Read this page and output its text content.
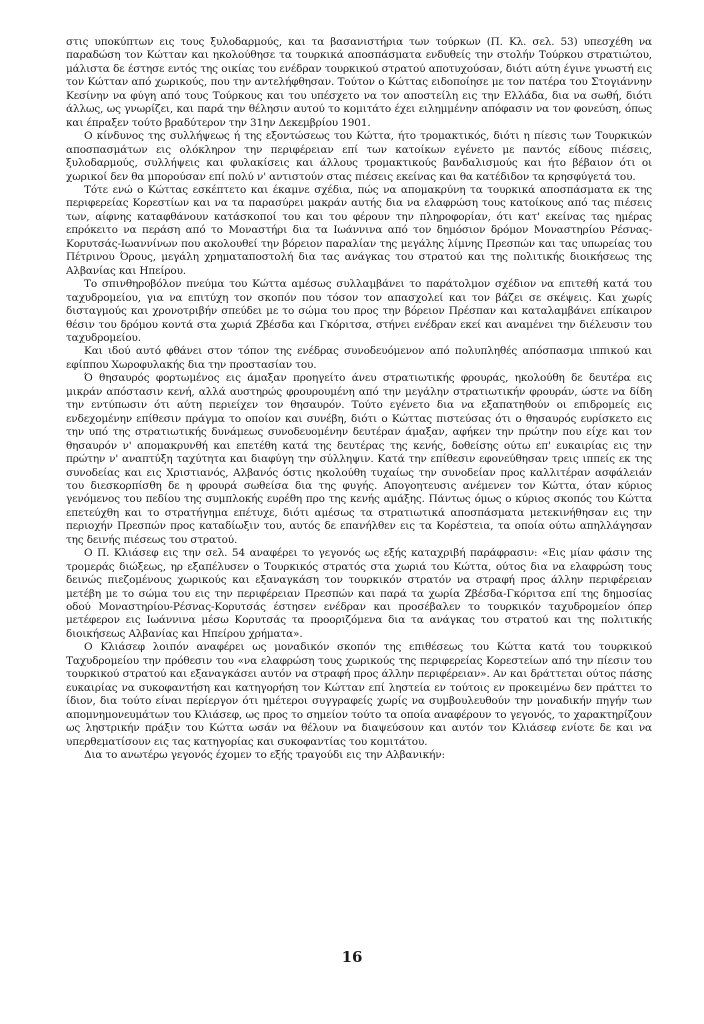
στις υποκύπτων εις τους ξυλοδαρμούς, και τα βασανιστήρια των τούρκων (Π. Κλ. σελ. 53) υπεσχέθη να παραδώση τον Κώτταν και ηκολούθησε τα τουρκικά αποσπάσματα ενδυθείς την στολήν Τούρκου στρατιώτου, μάλιστα δε έστησε εντός της οικίας του ενέδραν τουρκικού στρατού αποτυχούσαν, διότι αύτη έγινε γνωστή εις τον Κώτταν από χωρικούς, που την αντελήφθησαν. Τούτον ο Κώττας ειδοποίησε με τον πατέρα του Στογιάννην Κεσίνην να φύγη από τους Τούρκους και του υπέσχετο να τον αποστείλη εις την Ελλάδα, δια να σωθή, διότι άλλως, ως γνωρίζει, και παρά την θέλησιν αυτού το κομιτάτο έχει ειλημμένην απόφασιν να τον φονεύση, όπως και έπραξεν τούτο βραδύτερον την 31ην Δεκεμβρίου 1901.

Ο κίνδυνος της συλλήψεως ή της εξοντώσεως του Κώττα, ήτο τρομακτικός, διότι η πίεσις των Τουρκικών αποσπασμάτων εις ολόκληρον την περιφέρειαν επί των κατοίκων εγένετο με παντός είδους πιέσεις, ξυλοδαρμούς, συλλήψεις και φυλακίσεις και άλλους τρομακτικούς βανδαλισμούς και ήτο βέβαιον ότι οι χωρικοί δεν θα μπορούσαν επί πολύ ν' αντιστούν στας πιέσεις εκείνας και θα κατέδιδον τα κρησφύγετά του.

Τότε ενώ ο Κώττας εσκέπτετο και έκαμνε σχέδια, πώς να απομακρύνη τα τουρκικά αποσπάσματα εκ της περιφερείας Κορεστίων και να τα παρασύρει μακράν αυτής δια να ελαφρώση τους κατοίκους από τας πιέσεις των, αίφνης καταφθάνουν κατάσκοποί του και του φέρουν την πληροφορίαν, ότι κατ' εκείνας τας ημέρας επρόκειτο να περάση από το Μοναστήρι δια τα Ιωάννινα από τον δημόσιον δρόμον Μοναστηρίου Ρέσνας-Κορυτσάς-Ιωαννίνων που ακολουθεί την βόρειον παραλίαν της μεγάλης λίμνης Πρεσπών και τας υπωρείας του Πέτρινου Όρους, μεγάλη χρηματαποστολή δια τας ανάγκας του στρατού και της πολιτικής διοικήσεως της Αλβανίας και Ηπείρου.

Το σπινθηροβόλον πνεύμα του Κώττα αμέσως συλλαμβάνει το παράτολμον σχέδιον να επιτεθή κατά του ταχυδρομείου, για να επιτύχη τον σκοπόν που τόσον τον απασχολεί και τον βάζει σε σκέψεις. Και χωρίς δισταγμούς και χρονοτριβήν σπεύδει με το σώμα του προς την βόρειον Πρέσπαν και καταλαμβάνει επίκαιρον θέσιν του δρόμου κοντά στα χωριά Ζβέσδα και Γκόριτσα, στήνει ενέδραν εκεί και αναμένει την διέλευσιν του ταχυδρομείου.

Και ιδού αυτό φθάνει στον τόπον της ενέδρας συνοδευόμενον από πολυπληθές απόσπασμα ιππικού και εφίππου Χωροφυλακής δια την προστασίαν του.

Ό θησαυρός φορτωμένος εις άμαξαν προηγείτο άνευ στρατιωτικής φρουράς, ηκολούθη δε δευτέρα εις μικράν απόστασιν κενή, αλλά αυστηρώς φρουρουμένη από την μεγάλην στρατιωτικήν φρουράν, ώστε να δίδη την εντύπωσιν ότι αύτη περιείχεν τον θησαυρόν. Τούτο εγένετο δια να εξαπατηθούν οι επιδρομείς εις ενδεχομένην επίθεσιν πράγμα το οποίον και συνέβη, διότι ο Κώττας πιστεύσας ότι ο θησαυρός ευρίσκετο εις την υπό της στρατιωτικής δυνάμεως συνοδευομένην δευτέραν άμαξαν, αφήκεν την πρώτην που είχε και τον θησαυρόν ν' απομακρυνθή και επετέθη κατά της δευτέρας της κενής, δοθείσης ούτω επ' ευκαιρίας εις την πρώτην ν' αναπτύξη ταχύτητα και διαφύγη την σύλληψιν. Κατά την επίθεσιν εφονεύθησαν τρεις ιππείς εκ της συνοδείας και εις Χριστιανός, Αλβανός όστις ηκολούθη τυχαίως την συνοδείαν προς καλλιτέραν ασφάλειάν του διεσκορπίσθη δε η φρουρά σωθείσα δια της φυγής. Απογοητευσις ανέμενεν τον Κώττα, όταν κύριος γενόμενος του πεδίου της συμπλοκής ευρέθη προ της κενής αμάξης. Πάντως όμως ο κύριος σκοπός του Κώττα επετεύχθη και το στρατήγημα επέτυχε, διότι αμέσως τα στρατιωτικά αποσπάσματα μετεκινήθησαν εις την περιοχήν Πρεσπών προς καταδίωξιν του, αυτός δε επανήλθεν εις τα Κορέστεια, τα οποία ούτω απηλλάγησαν της δεινής πιέσεως του στρατού.

Ο Π. Κλιάσεφ εις την σελ. 54 αναφέρει το γεγονός ως εξής καταχριβή παράφρασιν: «Εις μίαν φάσιν της τρομεράς διώξεως, ηρ εξαπέλυσεν ο Τουρκικός στρατός στα χωριά του Κώττα, ούτος δια να ελαφρώση τους δεινώς πιεζομένους χωρικούς και εξαναγκάση τον τουρκικόν στρατόν να στραφή προς άλλην περιφέρειαν μετέβη με το σώμα του εις την περιφέρειαν Πρεσπών και παρά τα χωρία Ζβέσδα-Γκόριτσα επί της δημοσίας οδού Μοναστηρίου-Ρέσνας-Κορυτσάς έστησεν ενέδραν και προσέβαλεν το τουρκικόν ταχυδρομείον όπερ μετέφερον εις Ιωάννινα μέσω Κορυτσάς τα προοριζόμενα δια τα ανάγκας του στρατού και της πολιτικής διοικήσεως Αλβανίας και Ηπείρου χρήματα».

Ο Κλιάσεφ λοιπόν αναφέρει ως μοναδικόν σκοπόν της επιθέσεως του Κώττα κατά του τουρκικού Ταχυδρομείου την πρόθεσιν του «να ελαφρώση τους χωρικούς της περιφερείας Κορεστείων από την πίεσιν του τουρκικού στρατού και εξαναγκάσει αυτόν να στραφή προς άλλην περιφέρειαν». Αν και δράττεται ούτος πάσης ευκαιρίας να συκοφαντήση και κατηγορήση τον Κώτταν επί ληστεία εν τούτοις εν προκειμένω δεν πράττει το ίδιον, δια τούτο είναι περίεργον ότι ημέτεροι συγγραφείς χωρίς να συμβουλευθούν την μοναδικήν πηγήν των απομνημονευμάτων του Κλιάσεφ, ως προς το σημείον τούτο τα οποία αναφέρουν το γεγονός, το χαρακτηρίζουν ως ληστρικήν πράξιν του Κώττα ωσάν να θέλουν να διαψεύσουν και αυτόν τον Κλιάσεφ ενίοτε δε και να υπερθεματίσουν εις τας κατηγορίας και συκοφαντίας του κομιτάτου.

Δια το ανωτέρω γεγονός έχομεν το εξής τραγούδι εις την Αλβανικήν:

16
